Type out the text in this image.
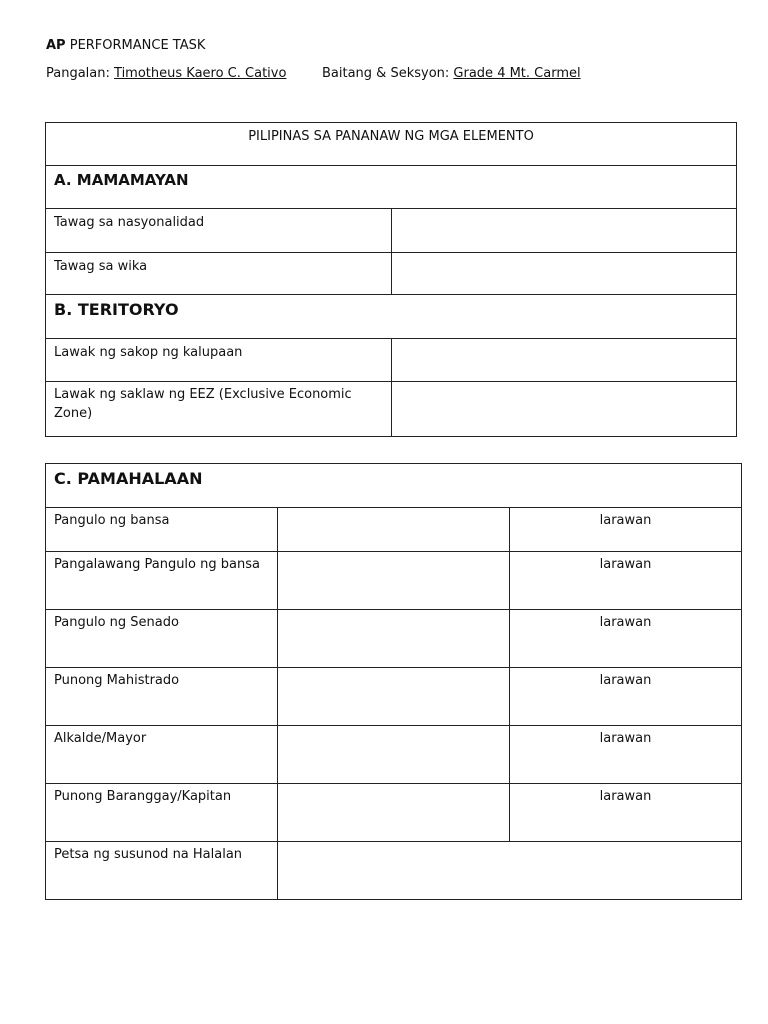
AP PERFORMANCE TASK
Pangalan: Timotheus Kaero C. Cativo	Baitang & Seksyon: Grade 4 Mt. Carmel
PILIPINAS SA PANANAW NG MGA ELEMENTO	
A. MAMAMAYAN	
Tawag sa nasyonalidad	
Tawag sa wika	
B. TERITORYO	
Lawak ng sakop ng kalupaan	
Lawak ng saklaw ng EEZ (Exclusive Economic Zone)	
C. PAMAHALAAN		
Pangulo ng bansa		larawan
Pangalawang Pangulo ng bansa		larawan
Pangulo ng Senado		larawan
Punong Mahistrado		larawan
Alkalde/Mayor		larawan
Punong Baranggay/Kapitan		larawan
Petsa ng susunod na Halalan		
